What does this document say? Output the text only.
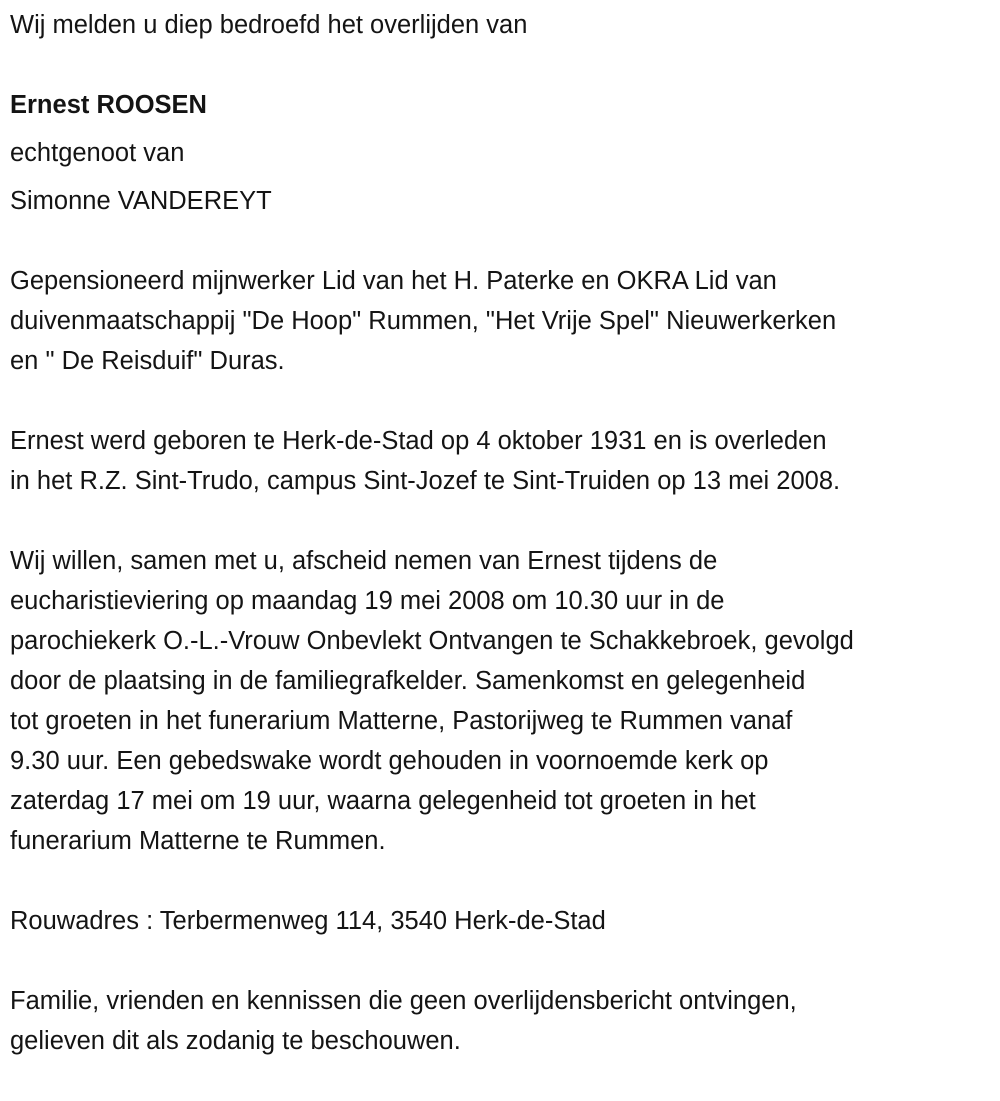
Wij melden u diep bedroefd het overlijden van
Ernest ROOSEN
echtgenoot van
Simonne VANDEREYT
Gepensioneerd mijnwerker Lid van het H. Paterke en OKRA Lid van
duivenmaatschappij "De Hoop" Rummen, "Het Vrije Spel" Nieuwerkerken
en " De Reisduif" Duras.
Ernest werd geboren te Herk-de-Stad op 4 oktober 1931 en is overleden
in het R.Z. Sint-Trudo, campus Sint-Jozef te Sint-Truiden op 13 mei 2008.
Wij willen, samen met u, afscheid nemen van Ernest tijdens de
eucharistieviering op maandag 19 mei 2008 om 10.30 uur in de
parochiekerk O.-L.-Vrouw Onbevlekt Ontvangen te Schakkebroek, gevolgd
door de plaatsing in de familiegrafkelder. Samenkomst en gelegenheid
tot groeten in het funerarium Matterne, Pastorijweg te Rummen vanaf
9.30 uur. Een gebedswake wordt gehouden in voornoemde kerk op
zaterdag 17 mei om 19 uur, waarna gelegenheid tot groeten in het
funerarium Matterne te Rummen.
Rouwadres : Terbermenweg 114, 3540 Herk-de-Stad
Familie, vrienden en kennissen die geen overlijdensbericht ontvingen,
gelieven dit als zodanig te beschouwen.
